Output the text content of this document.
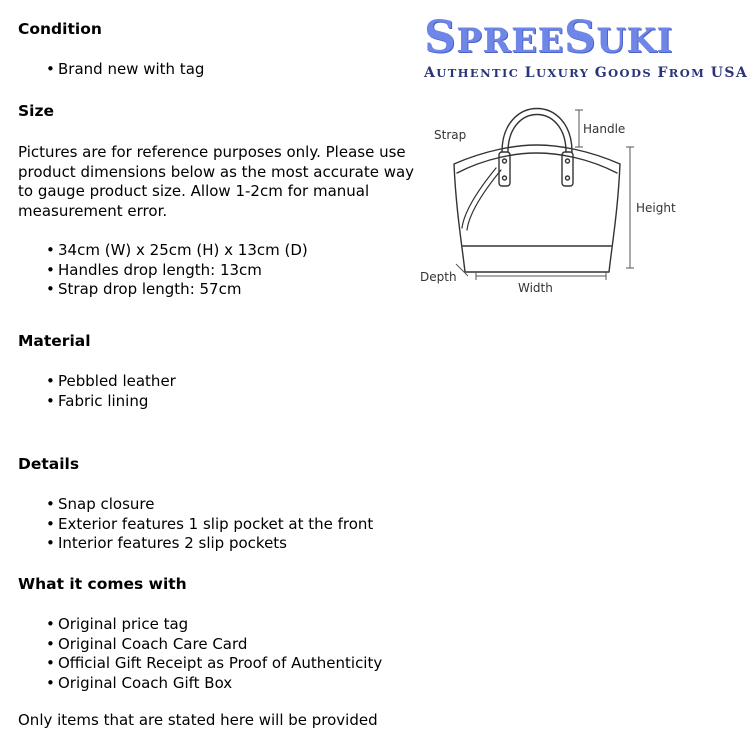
Condition
• Brand new with tag
Size

Pictures are for reference purposes only. Please use product dimensions below as the most accurate way to gauge product size. Allow 1-2cm for manual measurement error.

• 34cm (W) x 25cm (H) x 13cm (D)
• Handles drop length: 13cm
• Strap drop length: 57cm
Material
• Pebbled leather
• Fabric lining
Details
• Snap closure
• Exterior features 1 slip pocket at the front
• Interior features 2 slip pockets
What it comes with
• Original price tag
• Original Coach Care Card
• Official Gift Receipt as Proof of Authenticity
• Original Coach Gift Box
Only items that are stated here will be provided
SPREESUKI
AUTHENTIC LUXURY GOODS FROM USA
Strap	Handle
Height
Depth
Width
